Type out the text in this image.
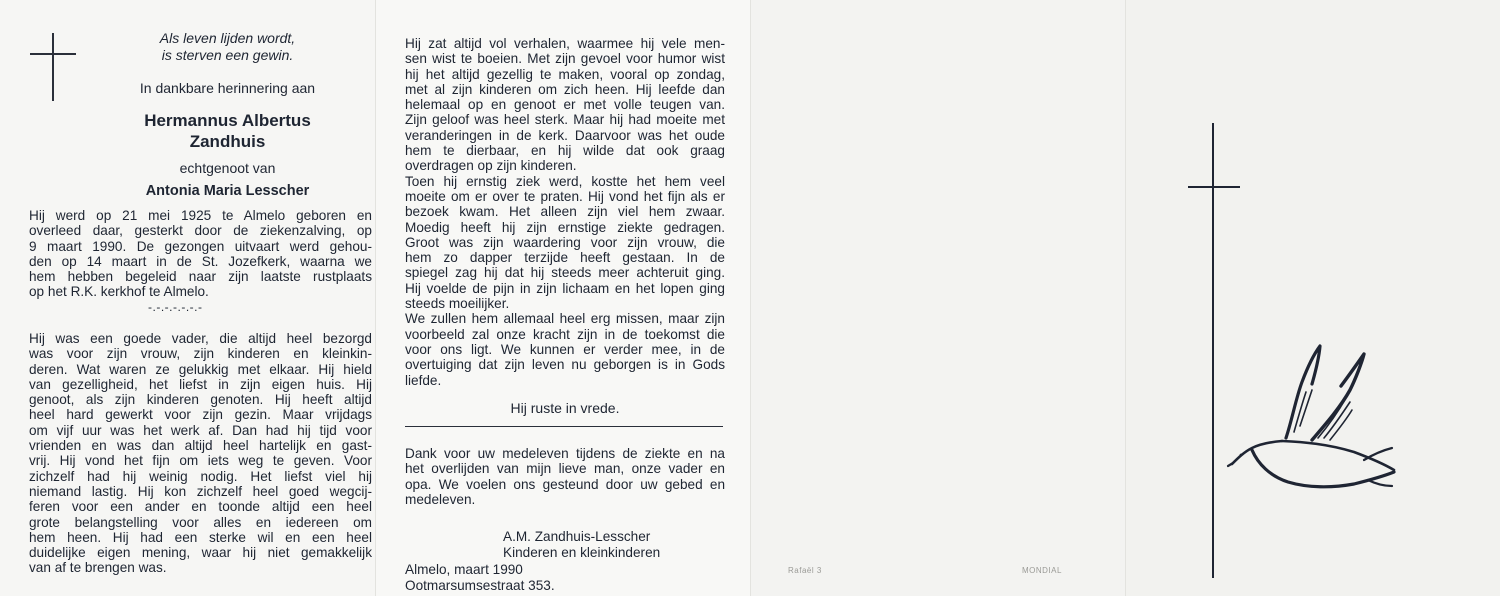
Als leven lijden wordt,
is sterven een gewin.
In dankbare herinnering aan
Hermannus Albertus
Zandhuis
echtgenoot van
Antonia Maria Lesscher
Hij werd op 21 mei 1925 te Almelo geboren en
overleed daar, gesterkt door de ziekenzalving, op
9 maart 1990. De gezongen uitvaart werd gehou-
den op 14 maart in de St. Jozefkerk, waarna we
hem hebben begeleid naar zijn laatste rustplaats
op het R.K. kerkhof te Almelo.
-.-.-.-.-.-.-
Hij was een goede vader, die altijd heel bezorgd
was voor zijn vrouw, zijn kinderen en kleinkin-
deren. Wat waren ze gelukkig met elkaar. Hij hield
van gezelligheid, het liefst in zijn eigen huis. Hij
genoot, als zijn kinderen genoten. Hij heeft altijd
heel hard gewerkt voor zijn gezin. Maar vrijdags
om vijf uur was het werk af. Dan had hij tijd voor
vrienden en was dan altijd heel hartelijk en gast-
vrij. Hij vond het fijn om iets weg te geven. Voor
zichzelf had hij weinig nodig. Het liefst viel hij
niemand lastig. Hij kon zichzelf heel goed wegcij-
feren voor een ander en toonde altijd een heel
grote belangstelling voor alles en iedereen om
hem heen. Hij had een sterke wil en een heel
duidelijke eigen mening, waar hij niet gemakkelijk
van af te brengen was.
Hij zat altijd vol verhalen, waarmee hij vele men-
sen wist te boeien. Met zijn gevoel voor humor wist
hij het altijd gezellig te maken, vooral op zondag,
met al zijn kinderen om zich heen. Hij leefde dan
helemaal op en genoot er met volle teugen van.
Zijn geloof was heel sterk. Maar hij had moeite met
veranderingen in de kerk. Daarvoor was het oude
hem te dierbaar, en hij wilde dat ook graag
overdragen op zijn kinderen.
Toen hij ernstig ziek werd, kostte het hem veel
moeite om er over te praten. Hij vond het fijn als er
bezoek kwam. Het alleen zijn viel hem zwaar.
Moedig heeft hij zijn ernstige ziekte gedragen.
Groot was zijn waardering voor zijn vrouw, die
hem zo dapper terzijde heeft gestaan. In de
spiegel zag hij dat hij steeds meer achteruit ging.
Hij voelde de pijn in zijn lichaam en het lopen ging
steeds moeilijker.
We zullen hem allemaal heel erg missen, maar zijn
voorbeeld zal onze kracht zijn in de toekomst die
voor ons ligt. We kunnen er verder mee, in de
overtuiging dat zijn leven nu geborgen is in Gods
liefde.
Hij ruste in vrede.
Dank voor uw medeleven tijdens de ziekte en na
het overlijden van mijn lieve man, onze vader en
opa. We voelen ons gesteund door uw gebed en
medeleven.
A.M. Zandhuis-Lesscher
Kinderen en kleinkinderen
Almelo, maart 1990
Ootmarsumsestraat 353.
Rafaël 3	MONDIAL
